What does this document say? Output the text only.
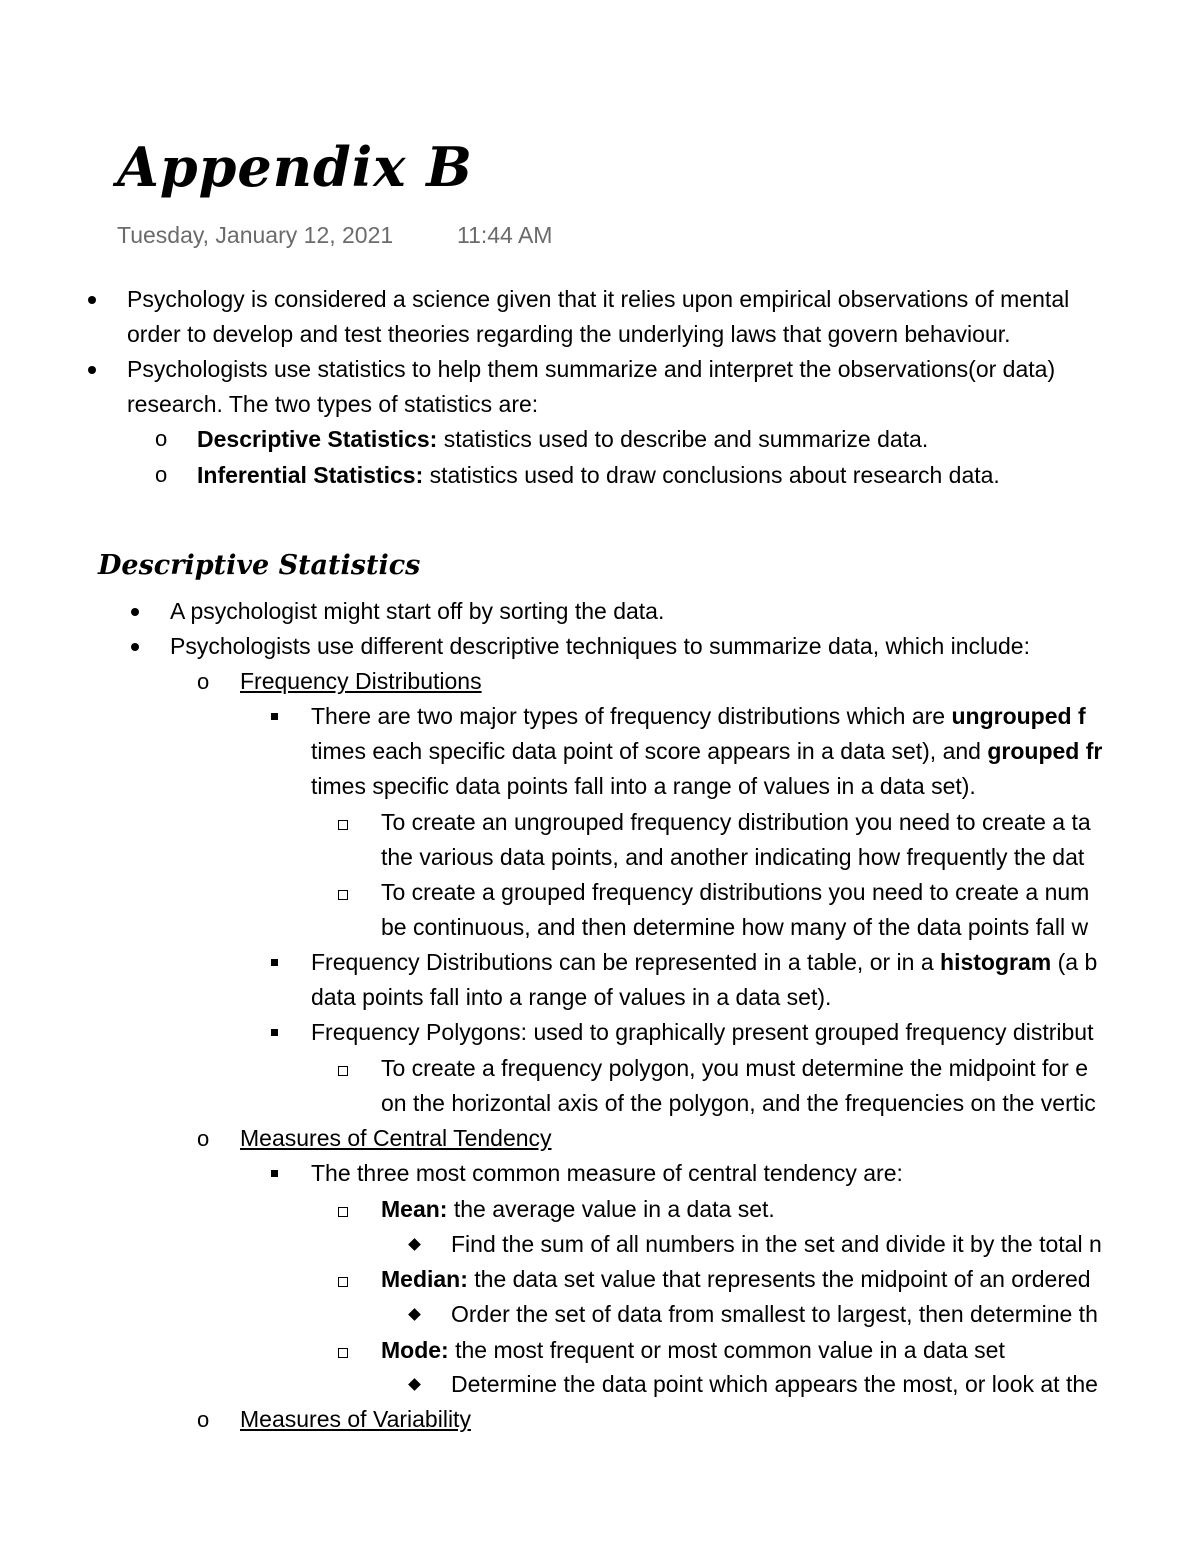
Appendix B
Tuesday, January 12, 2021	11:44 AM
Psychology is considered a science given that it relies upon empirical observations of mental
order to develop and test theories regarding the underlying laws that govern behaviour.
Psychologists use statistics to help them summarize and interpret the observations(or data)
research. The two types of statistics are:
o Descriptive Statistics: statistics used to describe and summarize data.
o Inferential Statistics: statistics used to draw conclusions about research data.
Descriptive Statistics
A psychologist might start off by sorting the data.
Psychologists use different descriptive techniques to summarize data, which include:
o Frequency Distributions
There are two major types of frequency distributions which are ungrouped f
times each specific data point of score appears in a data set), and grouped fr
times specific data points fall into a range of values in a data set).
To create an ungrouped frequency distribution you need to create a ta
the various data points, and another indicating how frequently the dat
To create a grouped frequency distributions you need to create a num
be continuous, and then determine how many of the data points fall w
Frequency Distributions can be represented in a table, or in a histogram (a b
data points fall into a range of values in a data set).
Frequency Polygons: used to graphically present grouped frequency distribut
To create a frequency polygon, you must determine the midpoint for e
on the horizontal axis of the polygon, and the frequencies on the vertic
o Measures of Central Tendency
The three most common measure of central tendency are:
Mean: the average value in a data set.
Find the sum of all numbers in the set and divide it by the total n
Median: the data set value that represents the midpoint of an ordered
Order the set of data from smallest to largest, then determine th
Mode: the most frequent or most common value in a data set
Determine the data point which appears the most, or look at the
o Measures of Variability
